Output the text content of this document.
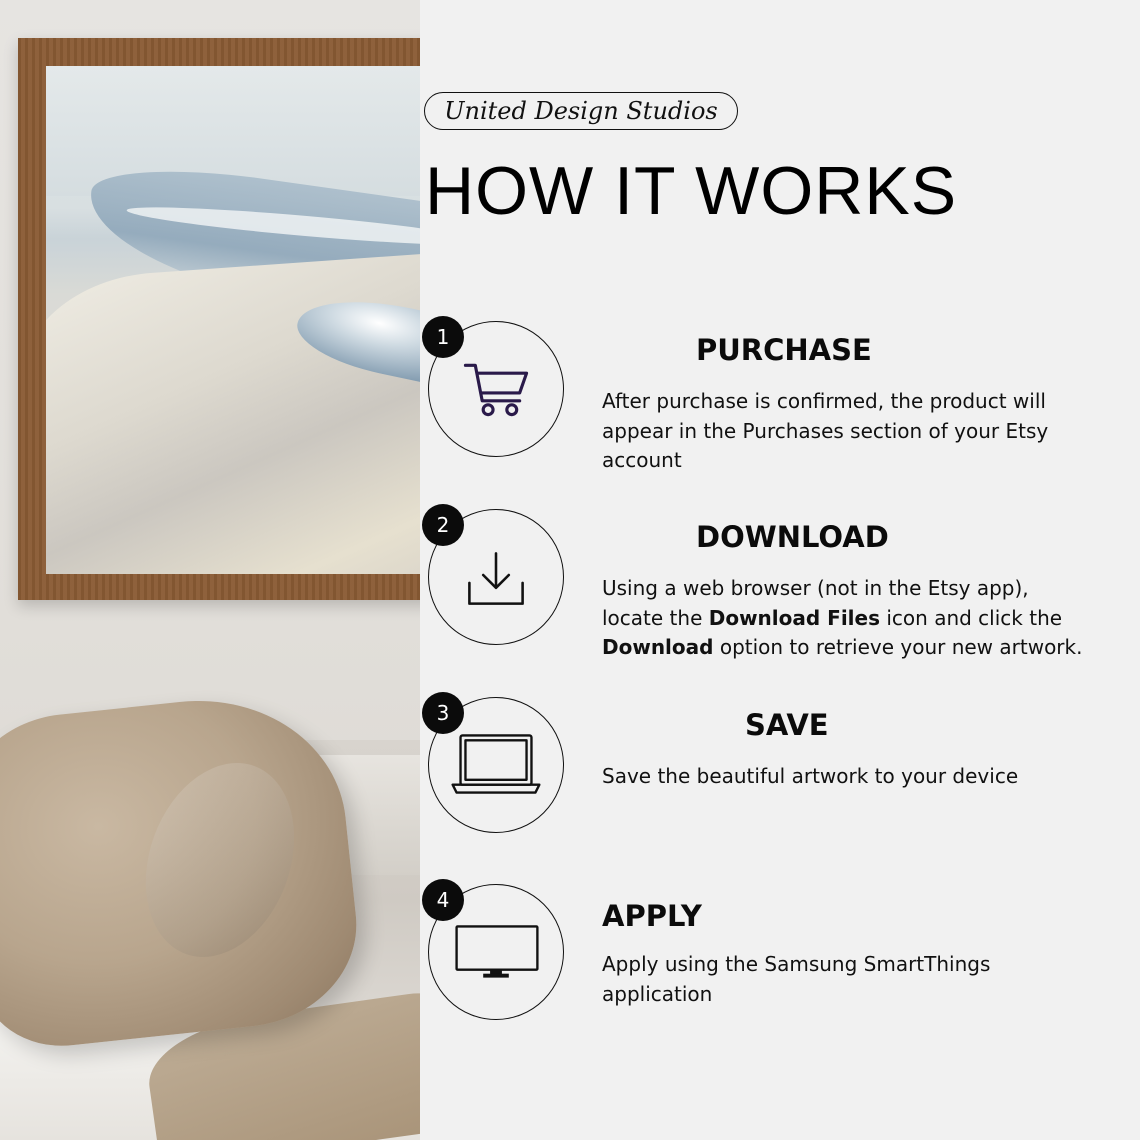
United Design Studios
HOW IT WORKS
1	PURCHASE
After purchase is confirmed, the product will appear in the Purchases section of your Etsy account
2	DOWNLOAD
Using a web browser (not in the Etsy app), locate the Download Files icon and click the Download option to retrieve your new artwork.
3	SAVE
Save the beautiful artwork to your device
4	APPLY
Apply using the Samsung SmartThings application
